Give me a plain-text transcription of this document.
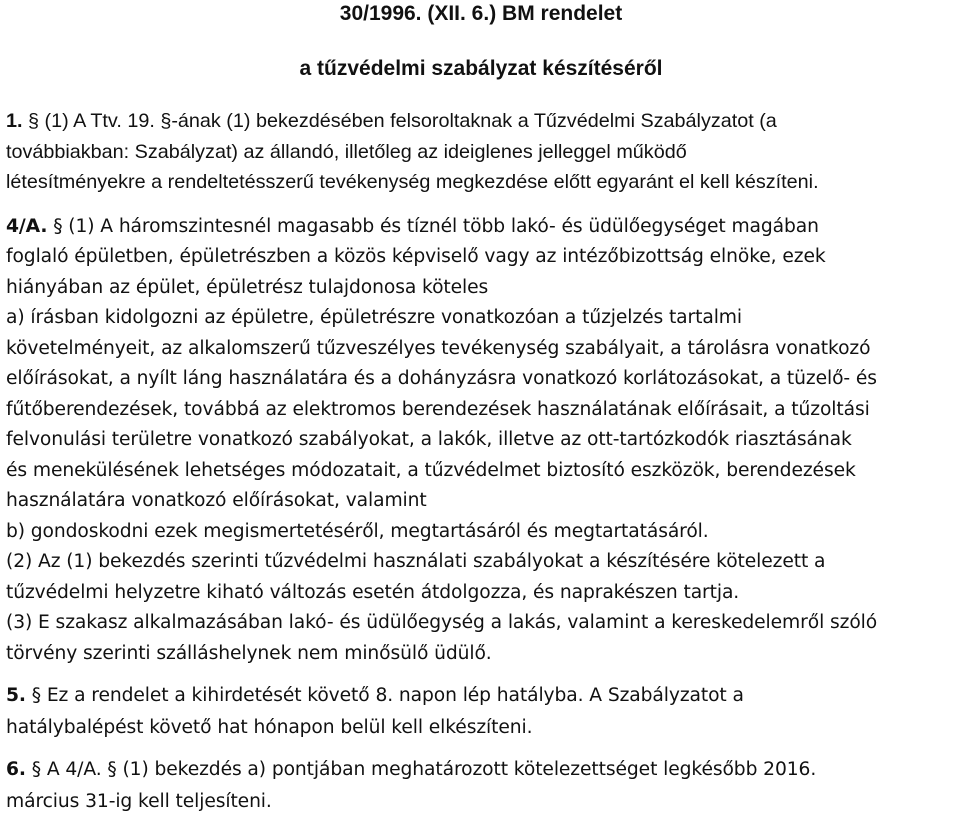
30/1996. (XII. 6.) BM rendelet

a tűzvédelmi szabályzat készítéséről

1. § (1) A Ttv. 19. §-ának (1) bekezdésében felsoroltaknak a Tűzvédelmi Szabályzatot (a
továbbiakban: Szabályzat) az állandó, illetőleg az ideiglenes jelleggel működő
létesítményekre a rendeltetésszerű tevékenység megkezdése előtt egyaránt el kell készíteni.
4/A. § (1) A háromszintesnél magasabb és tíznél több lakó- és üdülőegységet magában
foglaló épületben, épületrészben a közös képviselő vagy az intézőbizottság elnöke, ezek
hiányában az épület, épületrész tulajdonosa köteles
a) írásban kidolgozni az épületre, épületrészre vonatkozóan a tűzjelzés tartalmi
követelményeit, az alkalomszerű tűzveszélyes tevékenység szabályait, a tárolásra vonatkozó
előírásokat, a nyílt láng használatára és a dohányzásra vonatkozó korlátozásokat, a tüzelő- és
fűtőberendezések, továbbá az elektromos berendezések használatának előírásait, a tűzoltási
felvonulási területre vonatkozó szabályokat, a lakók, illetve az ott-tartózkodók riasztásának
és menekülésének lehetséges módozatait, a tűzvédelmet biztosító eszközök, berendezések
használatára vonatkozó előírásokat, valamint
b) gondoskodni ezek megismertetéséről, megtartásáról és megtartatásáról.
(2) Az (1) bekezdés szerinti tűzvédelmi használati szabályokat a készítésére kötelezett a
tűzvédelmi helyzetre kiható változás esetén átdolgozza, és naprakészen tartja.
(3) E szakasz alkalmazásában lakó- és üdülőegység a lakás, valamint a kereskedelemről szóló
törvény szerinti szálláshelynek nem minősülő üdülő.
5. § Ez a rendelet a kihirdetését követő 8. napon lép hatályba. A Szabályzatot a
hatálybalépést követő hat hónapon belül kell elkészíteni.
6. § A 4/A. § (1) bekezdés a) pontjában meghatározott kötelezettséget legkésőbb 2016.
március 31-ig kell teljesíteni.
